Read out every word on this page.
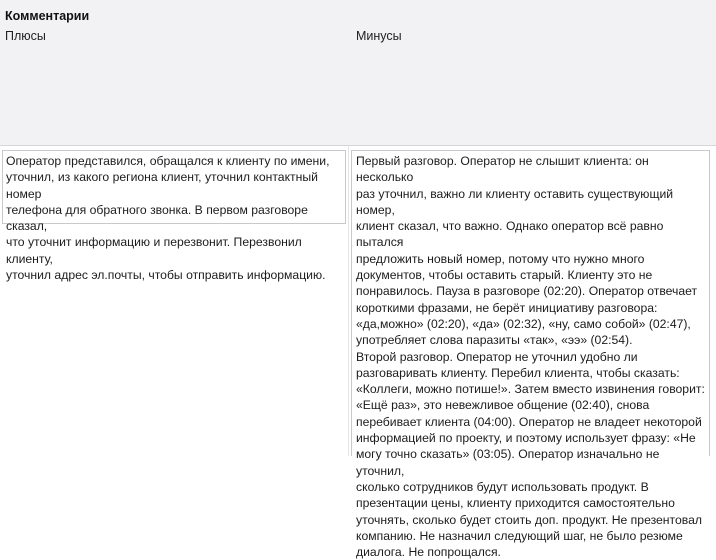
Комментарии
Плюсы	Минусы

Оператор представился, обращался к клиенту по имени,
уточнил, из какого региона клиент, уточнил контактный номер
телефона для обратного звонка. В первом разговоре сказал,
что уточнит информацию и перезвонит. Перезвонил клиенту,
уточнил адрес эл.почты, чтобы отправить информацию.

Первый разговор. Оператор не слышит клиента: он несколько
раз уточнил, важно ли клиенту оставить существующий номер,
клиент сказал, что важно. Однако оператор всё равно пытался
предложить новый номер, потому что нужно много
документов, чтобы оставить старый. Клиенту это не
понравилось. Пауза в разговоре (02:20). Оператор отвечает
короткими фразами, не берёт инициативу разговора:
«да,можно» (02:20), «да» (02:32), «ну, само собой» (02:47),
употребляет слова паразиты «так», «ээ» (02:54).

Второй разговор. Оператор не уточнил удобно ли
разговаривать клиенту. Перебил клиента, чтобы сказать:
«Коллеги, можно потише!». Затем вместо извинения говорит:
«Ещё раз», это невежливое общение (02:40), снова
перебивает клиента (04:00). Оператор не владеет некоторой
информацией по проекту, и поэтому использует фразу: «Не
могу точно сказать» (03:05). Оператор изначально не уточнил,
сколько сотрудников будут использовать продукт. В
презентации цены, клиенту приходится самостоятельно
уточнять, сколько будет стоить доп. продукт. Не презентовал
компанию. Не назначил следующий шаг, не было резюме
диалога. Не попрощался.
